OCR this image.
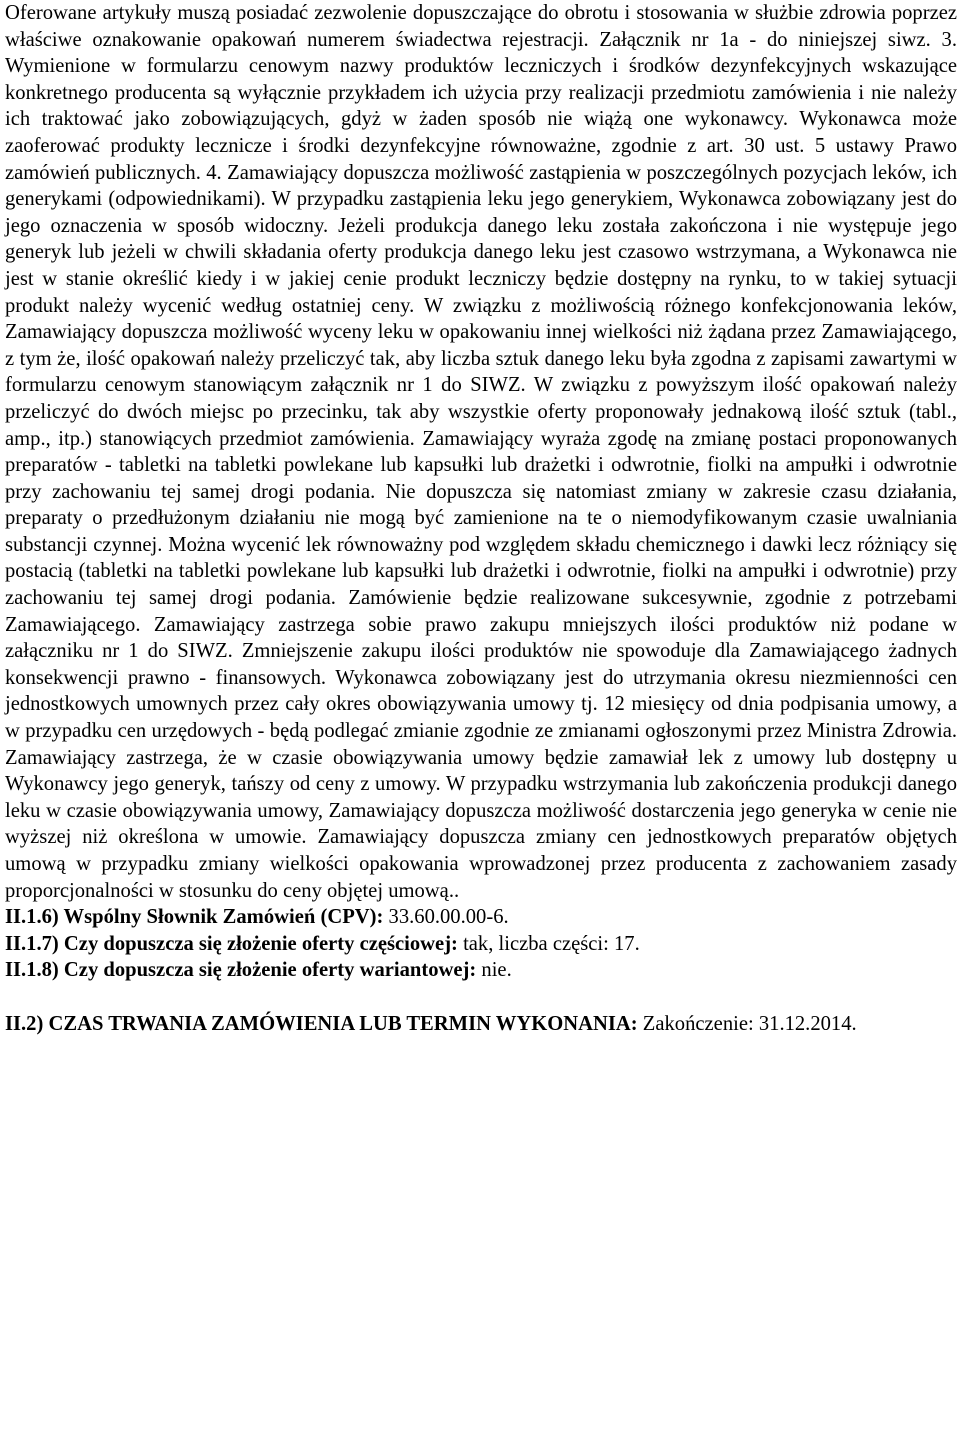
Oferowane artykuły muszą posiadać zezwolenie dopuszczające do obrotu i stosowania w służbie zdrowia poprzez właściwe oznakowanie opakowań numerem świadectwa rejestracji. Załącznik nr 1a - do niniejszej siwz. 3. Wymienione w formularzu cenowym nazwy produktów leczniczych i środków dezynfekcyjnych wskazujące konkretnego producenta są wyłącznie przykładem ich użycia przy realizacji przedmiotu zamówienia i nie należy ich traktować jako zobowiązujących, gdyż w żaden sposób nie wiążą one wykonawcy. Wykonawca może zaoferować produkty lecznicze i środki dezynfekcyjne równoważne, zgodnie z art. 30 ust. 5 ustawy Prawo zamówień publicznych. 4. Zamawiający dopuszcza możliwość zastąpienia w poszczególnych pozycjach leków, ich generykami (odpowiednikami). W przypadku zastąpienia leku jego generykiem, Wykonawca zobowiązany jest do jego oznaczenia w sposób widoczny. Jeżeli produkcja danego leku została zakończona i nie występuje jego generyk lub jeżeli w chwili składania oferty produkcja danego leku jest czasowo wstrzymana, a Wykonawca nie jest w stanie określić kiedy i w jakiej cenie produkt leczniczy będzie dostępny na rynku, to w takiej sytuacji produkt należy wycenić według ostatniej ceny. W związku z możliwością różnego konfekcjonowania leków, Zamawiający dopuszcza możliwość wyceny leku w opakowaniu innej wielkości niż żądana przez Zamawiającego, z tym że, ilość opakowań należy przeliczyć tak, aby liczba sztuk danego leku była zgodna z zapisami zawartymi w formularzu cenowym stanowiącym załącznik nr 1 do SIWZ. W związku z powyższym ilość opakowań należy przeliczyć do dwóch miejsc po przecinku, tak aby wszystkie oferty proponowały jednakową ilość sztuk (tabl., amp., itp.) stanowiących przedmiot zamówienia. Zamawiający wyraża zgodę na zmianę postaci proponowanych preparatów - tabletki na tabletki powlekane lub kapsułki lub drażetki i odwrotnie, fiolki na ampułki i odwrotnie przy zachowaniu tej samej drogi podania. Nie dopuszcza się natomiast zmiany w zakresie czasu działania, preparaty o przedłużonym działaniu nie mogą być zamienione na te o niemodyfikowanym czasie uwalniania substancji czynnej. Można wycenić lek równoważny pod względem składu chemicznego i dawki lecz różniący się postacią (tabletki na tabletki powlekane lub kapsułki lub drażetki i odwrotnie, fiolki na ampułki i odwrotnie) przy zachowaniu tej samej drogi podania. Zamówienie będzie realizowane sukcesywnie, zgodnie z potrzebami Zamawiającego. Zamawiający zastrzega sobie prawo zakupu mniejszych ilości produktów niż podane w załączniku nr 1 do SIWZ. Zmniejszenie zakupu ilości produktów nie spowoduje dla Zamawiającego żadnych konsekwencji prawno - finansowych. Wykonawca zobowiązany jest do utrzymania okresu niezmienności cen jednostkowych umownych przez cały okres obowiązywania umowy tj. 12 miesięcy od dnia podpisania umowy, a w przypadku cen urzędowych - będą podlegać zmianie zgodnie ze zmianami ogłoszonymi przez Ministra Zdrowia. Zamawiający zastrzega, że w czasie obowiązywania umowy będzie zamawiał lek z umowy lub dostępny u Wykonawcy jego generyk, tańszy od ceny z umowy. W przypadku wstrzymania lub zakończenia produkcji danego leku w czasie obowiązywania umowy, Zamawiający dopuszcza możliwość dostarczenia jego generyka w cenie nie wyższej niż określona w umowie. Zamawiający dopuszcza zmiany cen jednostkowych preparatów objętych umową w przypadku zmiany wielkości opakowania wprowadzonej przez producenta z zachowaniem zasady proporcjonalności w stosunku do ceny objętej umową..

II.1.6) Wspólny Słownik Zamówień (CPV): 33.60.00.00-6.

II.1.7) Czy dopuszcza się złożenie oferty częściowej: tak, liczba części: 17.

II.1.8) Czy dopuszcza się złożenie oferty wariantowej: nie.

II.2) CZAS TRWANIA ZAMÓWIENIA LUB TERMIN WYKONANIA: Zakończenie: 31.12.2014.
